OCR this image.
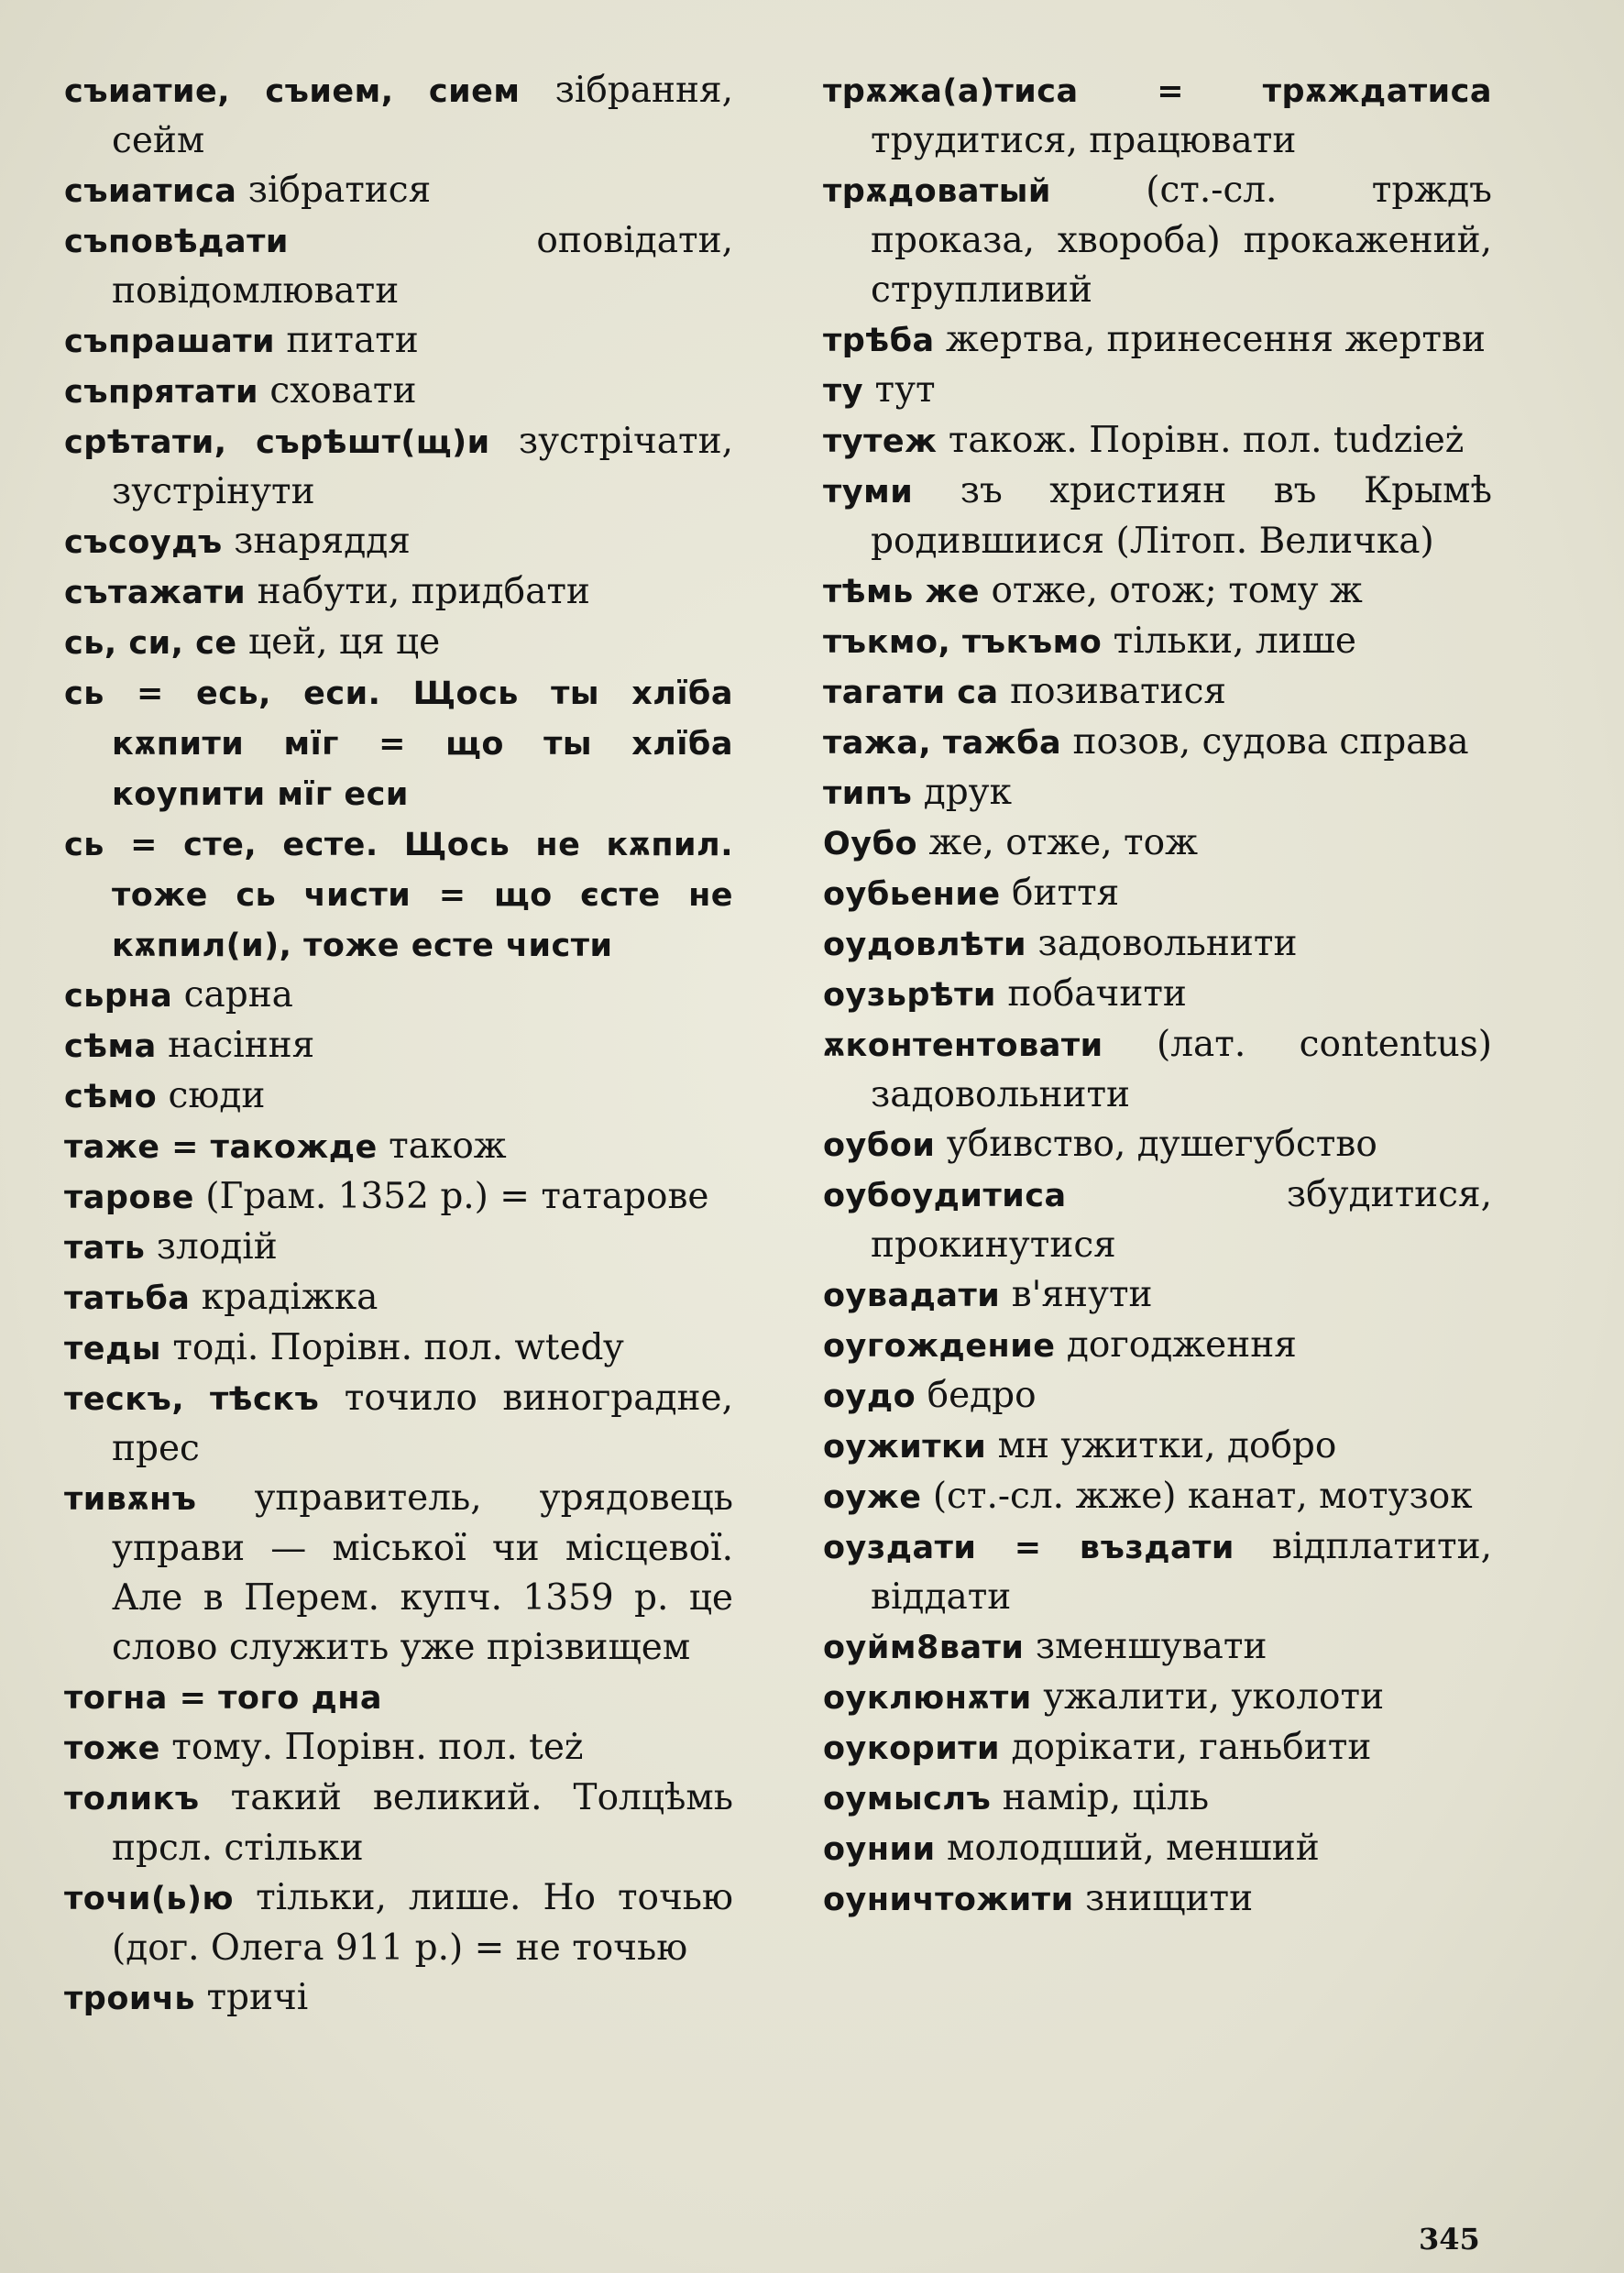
съиатие, съием, сием зібрання, сейм
съиатиса зібратися
съповѣдати оповідати, повідомлювати
съпрашати питати
съпрятати сховати
срѣтати, сърѣшт(щ)и зустрічати, зустрінути
съсоудъ знаряддя
сътажати набути, придбати
сь, си, се цей, ця це
сь = есь, еси. Щось ты хлїба кѫпити мїг = що ты хлїба коупити мїг еси
сь = сте, есте. Щось не кѫпил. тоже сь чисти = що єсте не кѫпил(и), тоже есте чисти
сьрна сарна
сѣма насіння
сѣмо сюди
таже = такожде також
тарове (Грам. 1352 р.) = татарове
тать злодій
татьба крадіжка
теды тоді. Порівн. пол. wtedy
тескъ, тѣскъ точило виноградне, прес
тивѫнъ управитель, урядовець управи — міської чи місцевої. Але в Перем. купч. 1359 р. це слово служить уже прізвищем
тогна = того дна
тоже тому. Порівн. пол. też
толикъ такий великий. Толцѣмь прсл. стільки
точи(ь)ю тільки, лише. Но точью (дог. Олега 911 р.) = не точью
троичь тричі
трѫжа(а)тиса = трѫждатиса трудитися, працювати
трѫдоватый (ст.-сл. трждъ проказа, хвороба) прокажений, струпливий
трѣба жертва, принесення жертви
ту тут
тутеж також. Порівн. пол. tudzież
туми зъ християн въ Крымѣ родившиися (Літоп. Величка)
тѣмь же отже, отож; тому ж
тъкмо, тъкъмо тільки, лише
тагати са позиватися
тажа, тажба позов, судова справа
типъ друк
Оубо же, отже, тож
оубьение биття
оудовлѣти задовольнити
оузьрѣти побачити
ѫконтентовати (лат. contentus) задовольнити
оубои убивство, душегубство
оубоудитиса збудитися, прокинутися
оувадати в'янути
оугождение догодження
оудо бедро
оужитки мн ужитки, добро
оуже (ст.-сл. жже) канат, мотузок
оуздати = въздати відплатити, віддати
оуйм8вати зменшувати
оуклюнѫти ужалити, уколоти
оукорити дорікати, ганьбити
оумыслъ намір, ціль
оунии молодший, менший
оуничтожити знищити
345
